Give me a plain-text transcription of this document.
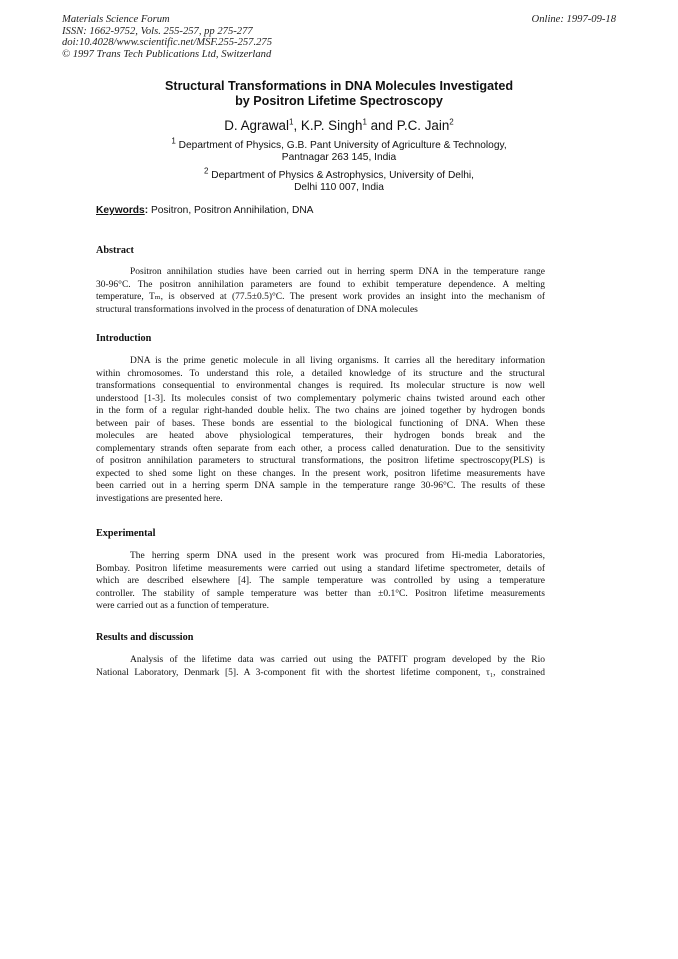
Materials Science Forum
ISSN: 1662-9752, Vols. 255-257, pp 275-277
doi:10.4028/www.scientific.net/MSF.255-257.275
© 1997 Trans Tech Publications Ltd, Switzerland
Online: 1997-09-18
Structural Transformations in DNA Molecules Investigated
by Positron Lifetime Spectroscopy
D. Agrawal$^1$, K.P. Singh$^1$ and P.C. Jain$^2$
$^1$ Department of Physics, G.B. Pant University of Agriculture & Technology,
Pantnagar 263 145, India
$^2$ Department of Physics & Astrophysics, University of Delhi,
Delhi 110 007, India
Keywords: Positron, Positron Annihilation, DNA
Abstract
Positron annihilation studies have been carried out in herring sperm DNA in the temperature range
30-96°C. The positron annihilation parameters are found to exhibit temperature dependence. A melting
temperature, Tₘ, is observed at (77.5±0.5)°C. The present work provides an insight into the mechanism of
structural transformations involved in the process of denaturation of DNA molecules
Introduction
DNA is the prime genetic molecule in all living organisms. It carries all the hereditary information
within chromosomes. To understand this role, a detailed knowledge of its structure and the structural
transformations consequential to environmental changes is required. Its molecular structure is now well
understood [1-3]. Its molecules consist of two complementary polymeric chains twisted around each other
in the form of a regular right-handed double helix. The two chains are joined together by hydrogen bonds
between pair of bases. These bonds are essential to the biological functioning of DNA. When these
molecules are heated above physiological temperatures, their hydrogen bonds break and the
complementary strands often separate from each other, a process called denaturation. Due to the sensitivity
of positron annihilation parameters to structural transformations, the positron lifetime spectroscopy(PLS) is
expected to shed some light on these changes. In the present work, positron lifetime measurements have
been carried out in a herring sperm DNA sample in the temperature range 30-96°C. The results of these
investigations are presented here.
Experimental
The herring sperm DNA used in the present work was procured from Hi-media Laboratories,
Bombay. Positron lifetime measurements were carried out using a standard lifetime spectrometer, details of
which are described elsewhere [4]. The sample temperature was controlled by using a temperature
controller. The stability of sample temperature was better than ±0.1°C. Positron lifetime measurements
were carried out as a function of temperature.
Results and discussion
Analysis of the lifetime data was carried out using the PATFIT program developed by the Rio
National Laboratory, Denmark [5]. A 3-component fit with the shortest lifetime component, τ₁, constrained
